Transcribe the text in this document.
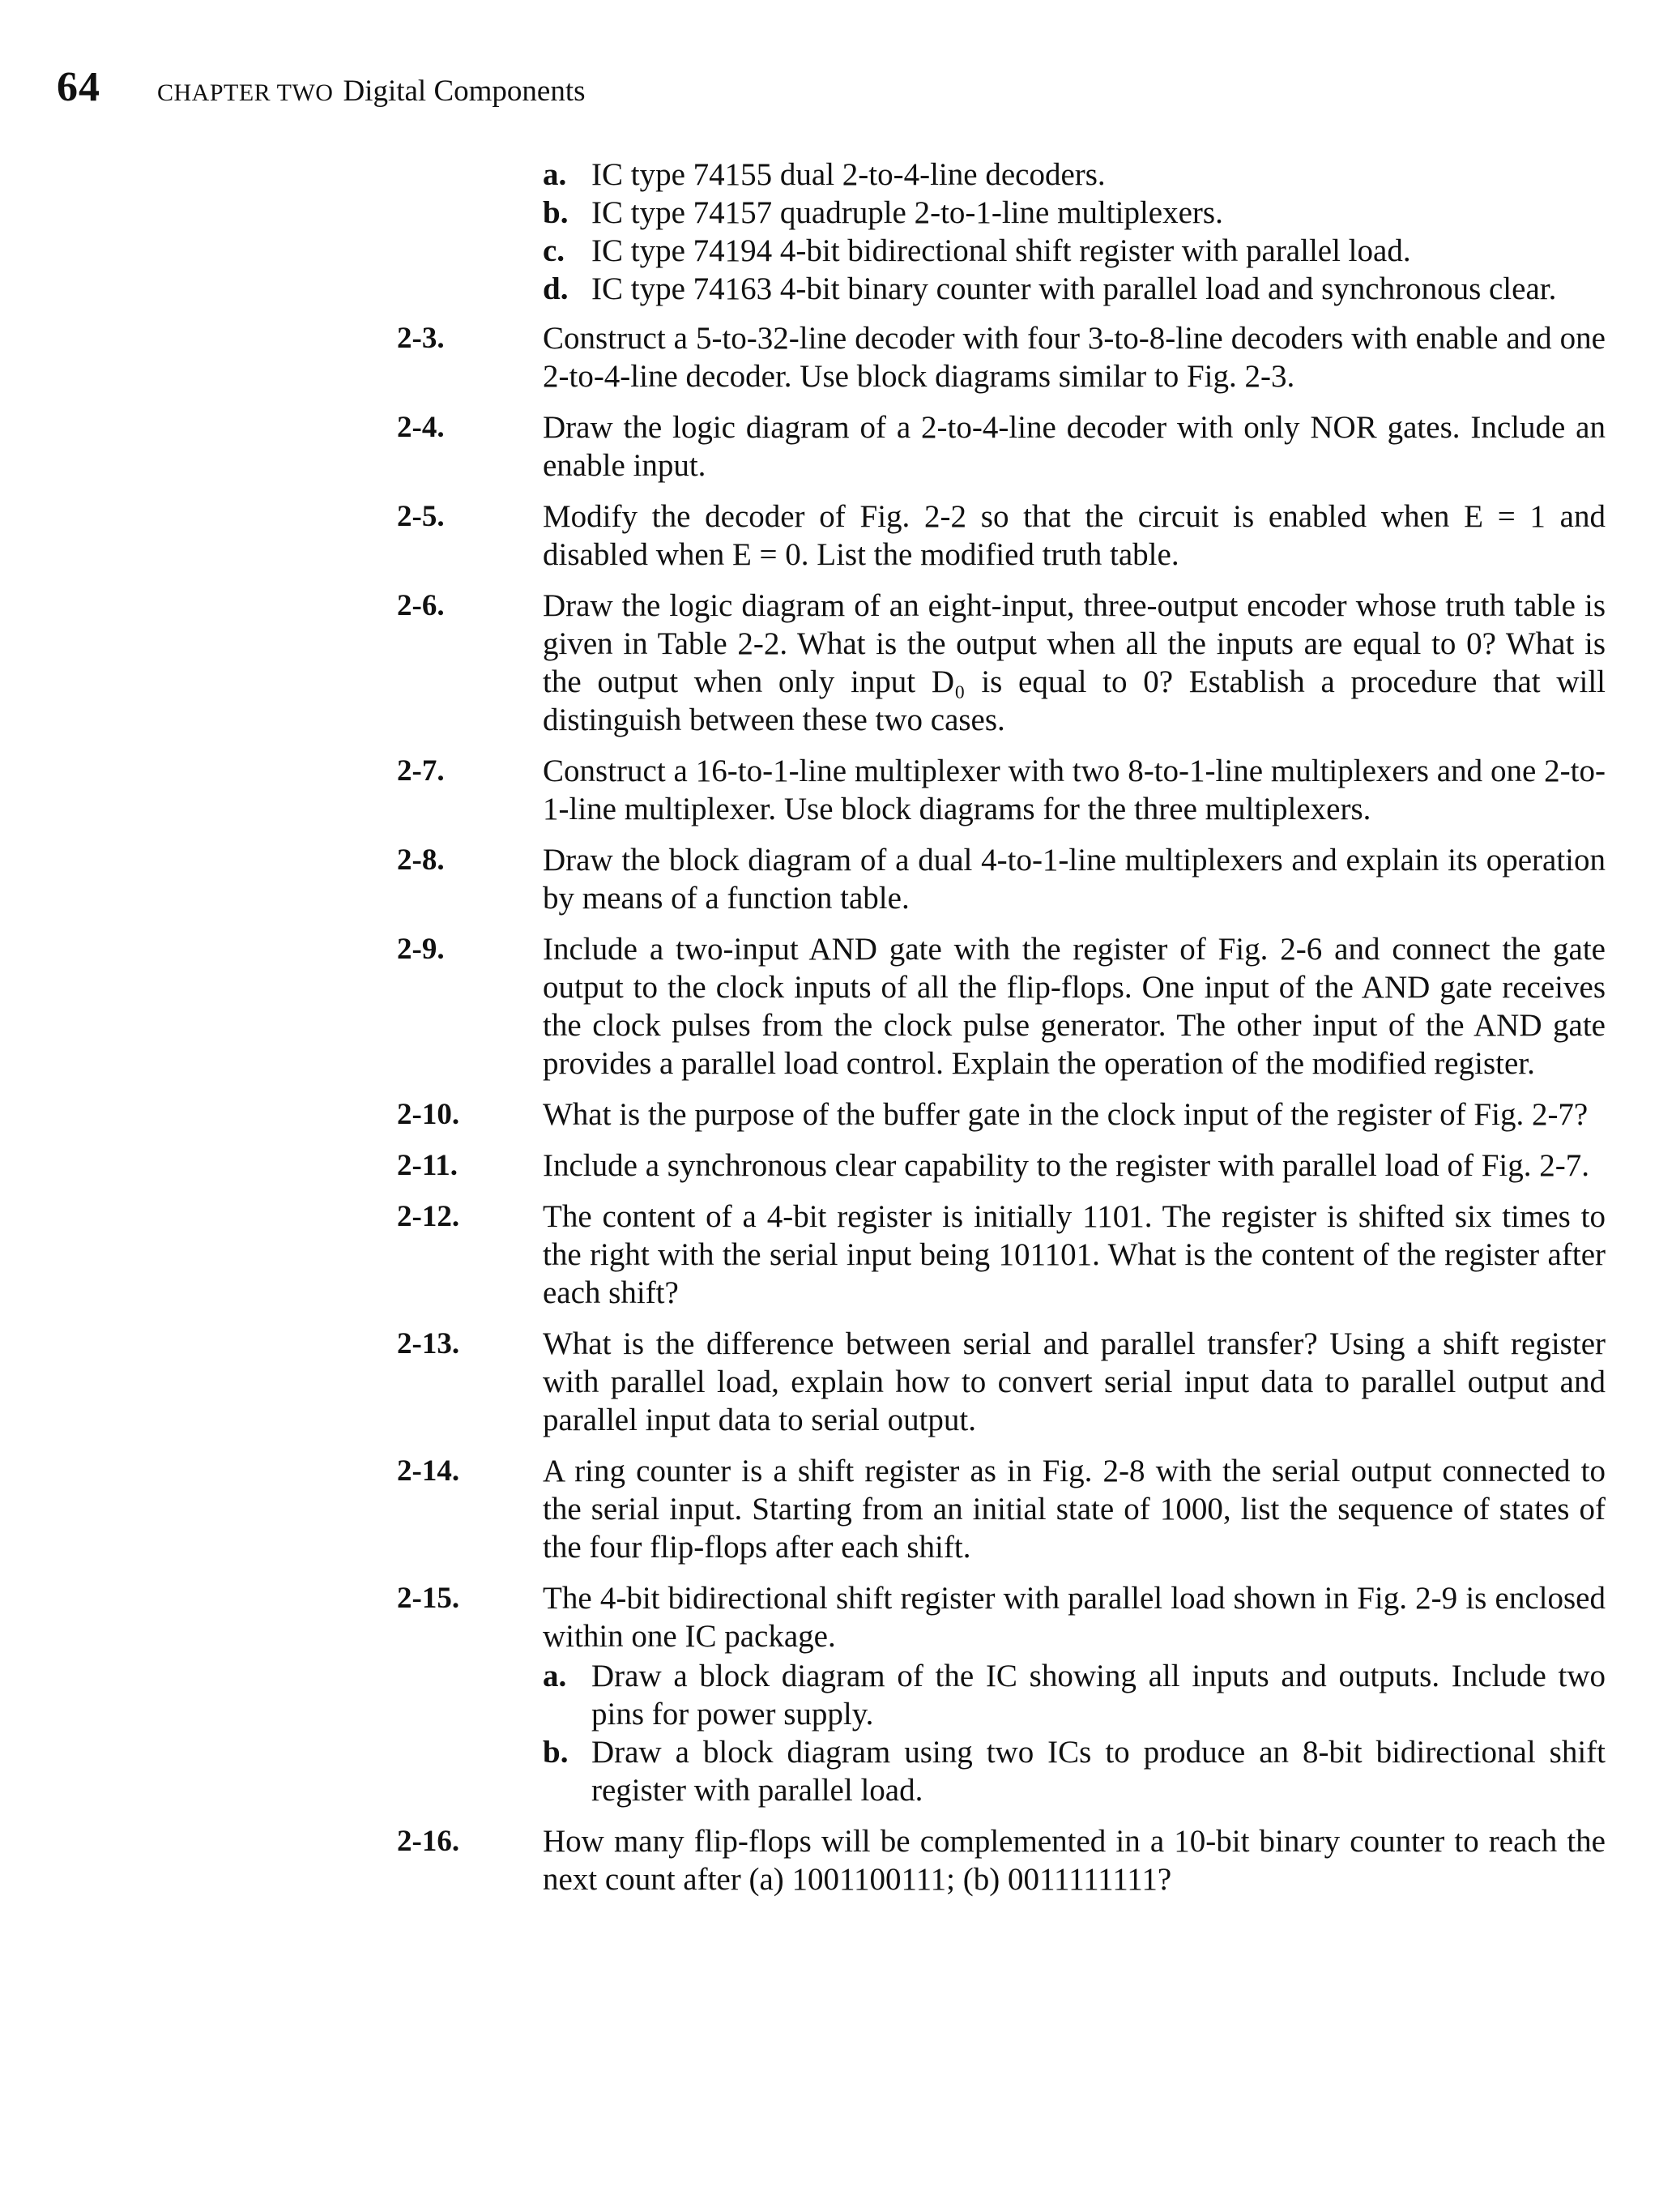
64 CHAPTER TWO Digital Components
a. IC type 74155 dual 2-to-4-line decoders.
b. IC type 74157 quadruple 2-to-1-line multiplexers.
c. IC type 74194 4-bit bidirectional shift register with parallel load.
d. IC type 74163 4-bit binary counter with parallel load and synchronous clear.
2-3.	Construct a 5-to-32-line decoder with four 3-to-8-line decoders with enable and one 2-to-4-line decoder. Use block diagrams similar to Fig. 2-3.
2-4.	Draw the logic diagram of a 2-to-4-line decoder with only NOR gates. Include an enable input.
2-5.	Modify the decoder of Fig. 2-2 so that the circuit is enabled when E = 1 and disabled when E = 0. List the modified truth table.
2-6.	Draw the logic diagram of an eight-input, three-output encoder whose truth table is given in Table 2-2. What is the output when all the inputs are equal to 0? What is the output when only input D₀ is equal to 0? Establish a procedure that will distinguish between these two cases.
2-7.	Construct a 16-to-1-line multiplexer with two 8-to-1-line multiplexers and one 2-to-1-line multiplexer. Use block diagrams for the three multiplexers.
2-8.	Draw the block diagram of a dual 4-to-1-line multiplexers and explain its operation by means of a function table.
2-9.	Include a two-input AND gate with the register of Fig. 2-6 and connect the gate output to the clock inputs of all the flip-flops. One input of the AND gate receives the clock pulses from the clock pulse generator. The other input of the AND gate provides a parallel load control. Explain the operation of the modified register.
2-10.	What is the purpose of the buffer gate in the clock input of the register of Fig. 2-7?
2-11.	Include a synchronous clear capability to the register with parallel load of Fig. 2-7.
2-12.	The content of a 4-bit register is initially 1101. The register is shifted six times to the right with the serial input being 101101. What is the content of the register after each shift?
2-13.	What is the difference between serial and parallel transfer? Using a shift register with parallel load, explain how to convert serial input data to parallel output and parallel input data to serial output.
2-14.	A ring counter is a shift register as in Fig. 2-8 with the serial output connected to the serial input. Starting from an initial state of 1000, list the sequence of states of the four flip-flops after each shift.
2-15.	The 4-bit bidirectional shift register with parallel load shown in Fig. 2-9 is enclosed within one IC package.
a. Draw a block diagram of the IC showing all inputs and outputs. Include two pins for power supply.
b. Draw a block diagram using two ICs to produce an 8-bit bidirectional shift register with parallel load.
2-16.	How many flip-flops will be complemented in a 10-bit binary counter to reach the next count after (a) 1001100111; (b) 0011111111?
